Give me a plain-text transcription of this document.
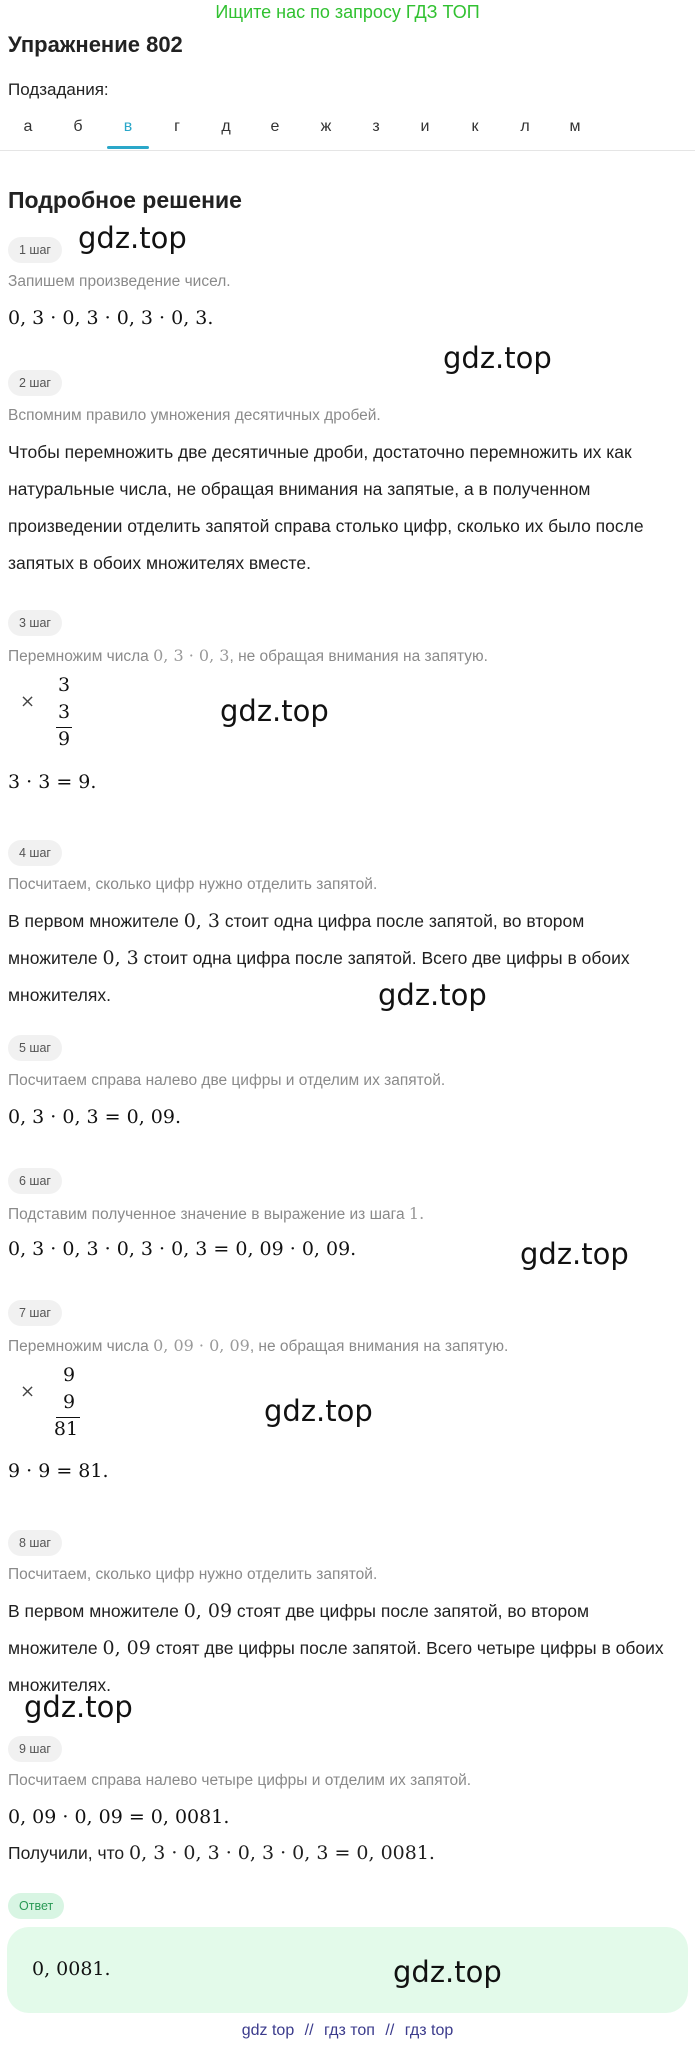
Ищите нас по запросу ГДЗ ТОП
Упражнение 802
Подзадания:
а	б	в	г	д	е	ж	з	и	к	л	м
Подробное решение
1 шаг gdz.top
Запишем произведение чисел.
0, 3 · 0, 3 · 0, 3 · 0, 3.
gdz.top
2 шаг
Вспомним правило умножения десятичных дробей.
Чтобы перемножить две десятичные дроби, достаточно перемножить их как
натуральные числа, не обращая внимания на запятые, а в полученном
произведении отделить запятой справа столько цифр, сколько их было после
запятых в обоих множителях вместе.
3 шаг
Перемножим числа 0, 3 · 0, 3, не обращая внимания на запятую.
×
3
3
9
gdz.top
3 · 3 = 9.
4 шаг
Посчитаем, сколько цифр нужно отделить запятой.
В первом множителе 0, 3 стоит одна цифра после запятой, во втором
множителе 0, 3 стоит одна цифра после запятой. Всего две цифры в обоих
множителях.	gdz.top
5 шаг
Посчитаем справа налево две цифры и отделим их запятой.
0, 3 · 0, 3 = 0, 09.
6 шаг
Подставим полученное значение в выражение из шага 1.
0, 3 · 0, 3 · 0, 3 · 0, 3 = 0, 09 · 0, 09.	gdz.top
7 шаг
Перемножим числа 0, 09 · 0, 09, не обращая внимания на запятую.
×
9
9
81
gdz.top
9 · 9 = 81.
8 шаг
Посчитаем, сколько цифр нужно отделить запятой.
В первом множителе 0, 09 стоят две цифры после запятой, во втором
множителе 0, 09 стоят две цифры после запятой. Всего четыре цифры в обоих
множителях.
gdz.top
9 шаг
Посчитаем справа налево четыре цифры и отделим их запятой.
0, 09 · 0, 09 = 0, 0081.
Получили, что 0, 3 · 0, 3 · 0, 3 · 0, 3 = 0, 0081.
Ответ
0, 0081.	gdz.top
gdz top // гдз топ // гдз top
